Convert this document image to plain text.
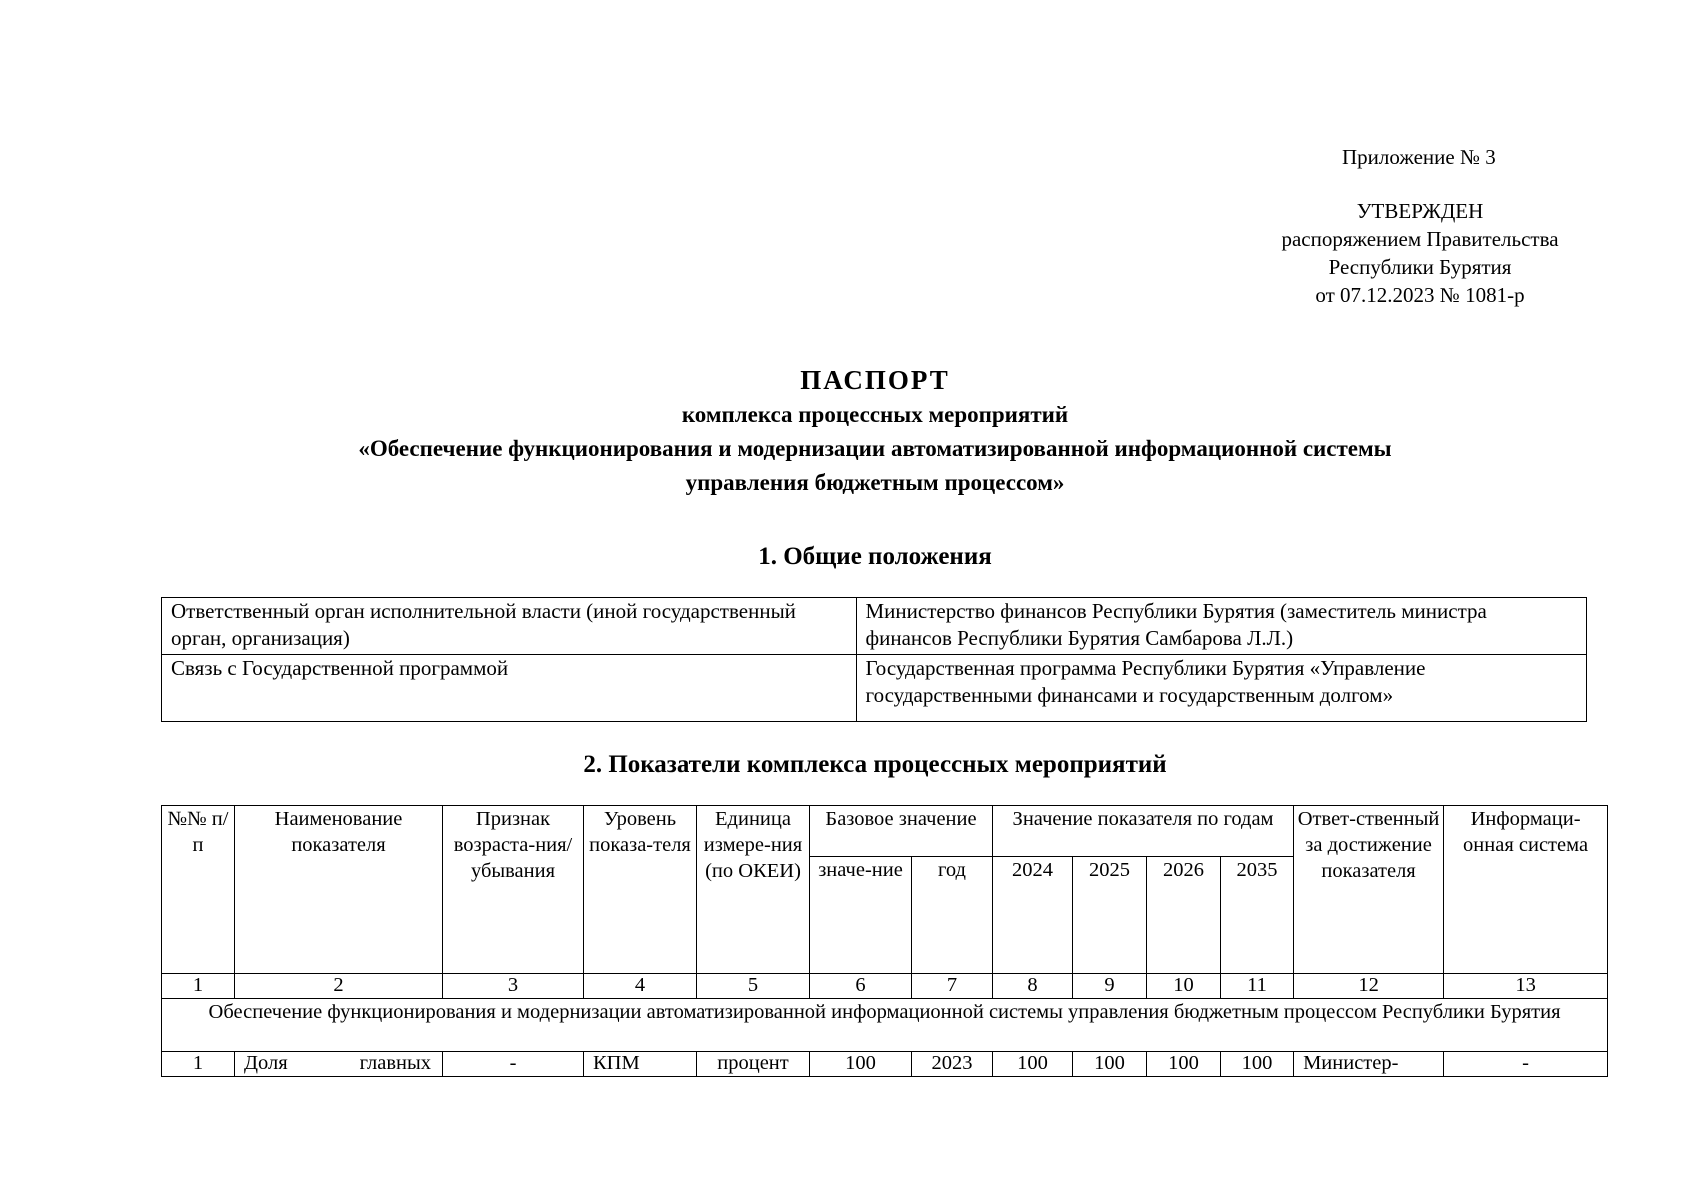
Приложение № 3
УТВЕРЖДЕН
распоряжением Правительства
Республики Бурятия
от 07.12.2023 № 1081-р
ПАСПОРТ
комплекса процессных мероприятий
«Обеспечение функционирования и модернизации автоматизированной информационной системы
управления бюджетным процессом»
1. Общие положения
Ответственный орган исполнительной власти (иной государственный орган, организация)	Министерство финансов Республики Бурятия (заместитель министра финансов Республики Бурятия Самбарова Л.Л.)
Связь с Государственной программой	Государственная программа Республики Бурятия «Управление государственными финансами и государственным долгом»
2. Показатели комплекса процессных мероприятий
№№ п/п	Наименование показателя	Признак возраста-ния/ убывания	Уровень показа-теля	Единица измере-ния (по ОКЕИ)	Базовое значение		Значение показателя по годам				Ответ-ственный за достижение показателя	Информаци-онная система
					значе-ние	год	2024	2025	2026	2035		
1	2	3	4	5	6	7	8	9	10	11	12	13
Обеспечение функционирования и модернизации автоматизированной информационной системы управления бюджетным процессом Республики Бурятия												
1	Доля главных	-	КПМ	процент	100	2023	100	100	100	100	Министер-	-
